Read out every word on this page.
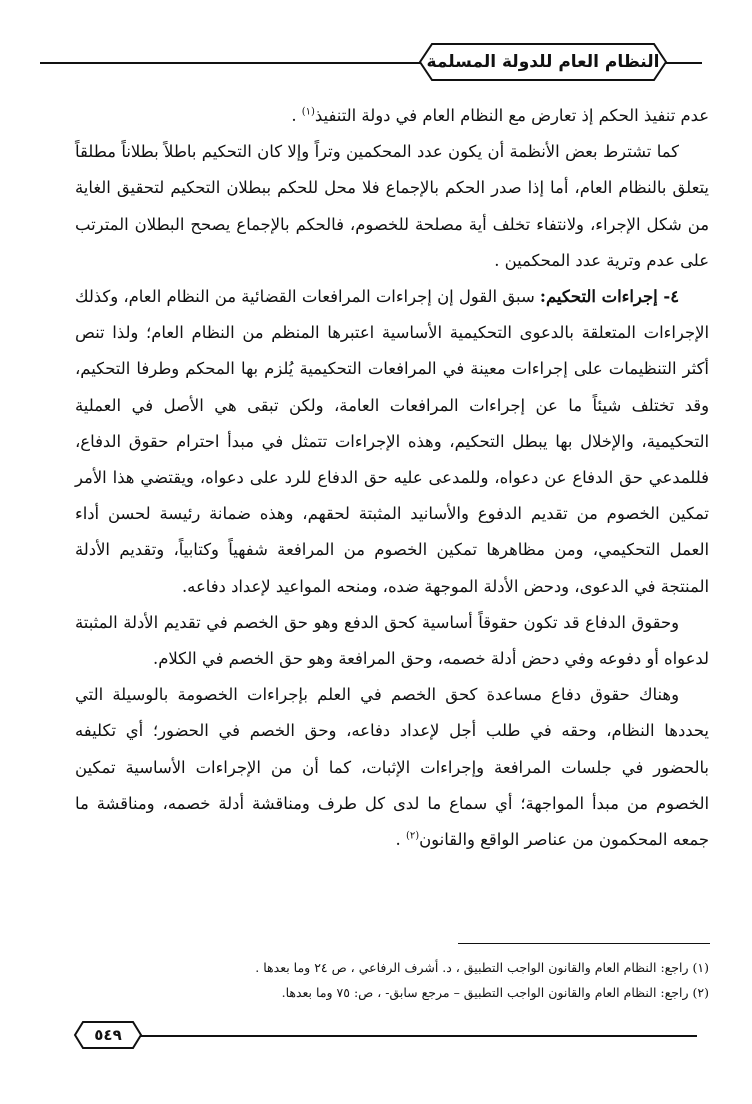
النظام العام للدولة المسلمة

عدم تنفيذ الحكم إذ تعارض مع النظام العام في دولة التنفيذ$^{(١)}$ .

كما تشترط بعض الأنظمة أن يكون عدد المحكمين وتراً وإلا كان التحكيم باطلاً بطلاناً مطلقاً يتعلق بالنظام العام، أما إذا صدر الحكم بالإجماع فلا محل للحكم ببطلان التحكيم لتحقيق الغاية من شكل الإجراء، ولانتفاء تخلف أية مصلحة للخصوم، فالحكم بالإجماع يصحح البطلان المترتب على عدم وترية عدد المحكمين .

٤- إجراءات التحكيم: سبق القول إن إجراءات المرافعات القضائية من النظام العام، وكذلك الإجراءات المتعلقة بالدعوى التحكيمية الأساسية اعتبرها المنظم من النظام العام؛ ولذا تنص أكثر التنظيمات على إجراءات معينة في المرافعات التحكيمية يُلزم بها المحكم وطرفا التحكيم، وقد تختلف شيئاً ما عن إجراءات المرافعات العامة، ولكن تبقى هي الأصل في العملية التحكيمية، والإخلال بها يبطل التحكيم، وهذه الإجراءات تتمثل في مبدأ احترام حقوق الدفاع، فللمدعي حق الدفاع عن دعواه، وللمدعى عليه حق الدفاع للرد على دعواه، ويقتضي هذا الأمر تمكين الخصوم من تقديم الدفوع والأسانيد المثبتة لحقهم، وهذه ضمانة رئيسة لحسن أداء العمل التحكيمي، ومن مظاهرها تمكين الخصوم من المرافعة شفهياً وكتابياً، وتقديم الأدلة المنتجة في الدعوى، ودحض الأدلة الموجهة ضده، ومنحه المواعيد لإعداد دفاعه.

وحقوق الدفاع قد تكون حقوقاً أساسية كحق الدفع وهو حق الخصم في تقديم الأدلة المثبتة لدعواه أو دفوعه وفي دحض أدلة خصمه، وحق المرافعة وهو حق الخصم في الكلام.

وهناك حقوق دفاع مساعدة كحق الخصم في العلم بإجراءات الخصومة بالوسيلة التي يحددها النظام، وحقه في طلب أجل لإعداد دفاعه، وحق الخصم في الحضور؛ أي تكليفه بالحضور في جلسات المرافعة وإجراءات الإثبات، كما أن من الإجراءات الأساسية تمكين الخصوم من مبدأ المواجهة؛ أي سماع ما لدى كل طرف ومناقشة أدلة خصمه، ومناقشة ما جمعه المحكمون من عناصر الواقع والقانون$^{(٢)}$ .

(١) راجع: النظام العام والقانون الواجب التطبيق ، د. أشرف الرفاعي ، ص ٢٤ وما بعدها .

(٢) راجع: النظام العام والقانون الواجب التطبيق – مرجع سابق- ، ص: ٧٥ وما بعدها.

٥٤٩
